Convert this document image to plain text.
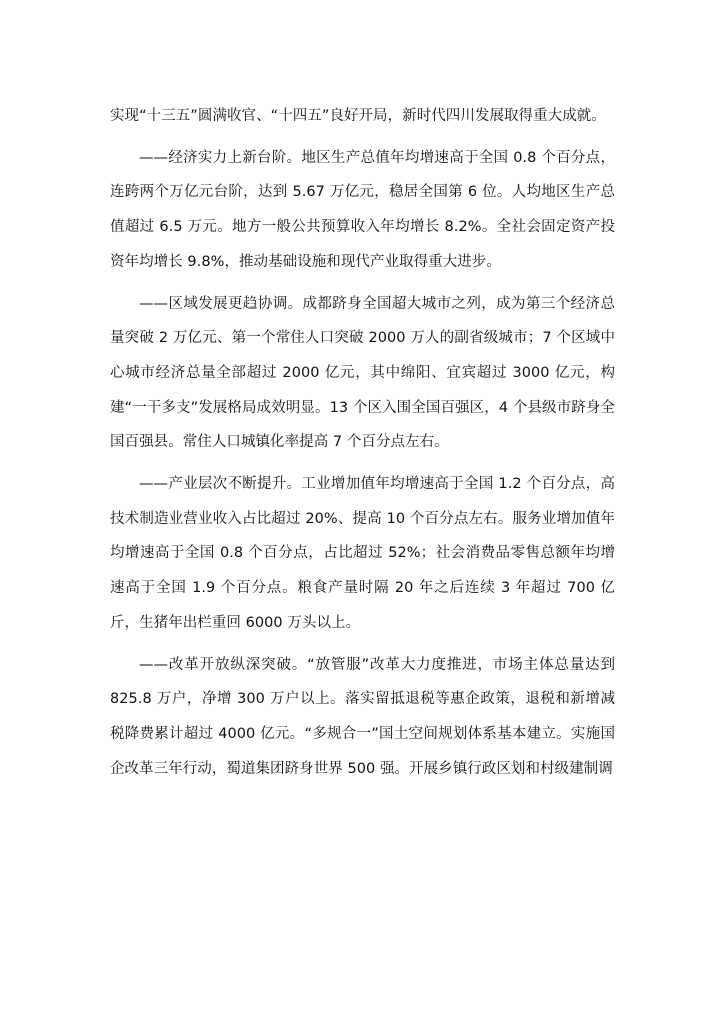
实现“十三五”圆满收官、“十四五”良好开局，新时代四川发展取得重大成就。

——经济实力上新台阶。地区生产总值年均增速高于全国 0.8 个百分点，连跨两个万亿元台阶，达到 5.67 万亿元，稳居全国第 6 位。人均地区生产总值超过 6.5 万元。地方一般公共预算收入年均增长 8.2%。全社会固定资产投资年均增长 9.8%，推动基础设施和现代产业取得重大进步。

——区域发展更趋协调。成都跻身全国超大城市之列，成为第三个经济总量突破 2 万亿元、第一个常住人口突破 2000 万人的副省级城市；7 个区域中心城市经济总量全部超过 2000 亿元，其中绵阳、宜宾超过 3000 亿元，构建“一干多支”发展格局成效明显。13 个区入围全国百强区，4 个县级市跻身全国百强县。常住人口城镇化率提高 7 个百分点左右。

——产业层次不断提升。工业增加值年均增速高于全国 1.2 个百分点，高技术制造业营业收入占比超过 20%、提高 10 个百分点左右。服务业增加值年均增速高于全国 0.8 个百分点，占比超过 52%；社会消费品零售总额年均增速高于全国 1.9 个百分点。粮食产量时隔 20 年之后连续 3 年超过 700 亿斤，生猪年出栏重回 6000 万头以上。

——改革开放纵深突破。“放管服”改革大力度推进，市场主体总量达到 825.8 万户，净增 300 万户以上。落实留抵退税等惠企政策，退税和新增减税降费累计超过 4000 亿元。“多规合一”国土空间规划体系基本建立。实施国企改革三年行动，蜀道集团跻身世界 500 强。开展乡镇行政区划和村级建制调
